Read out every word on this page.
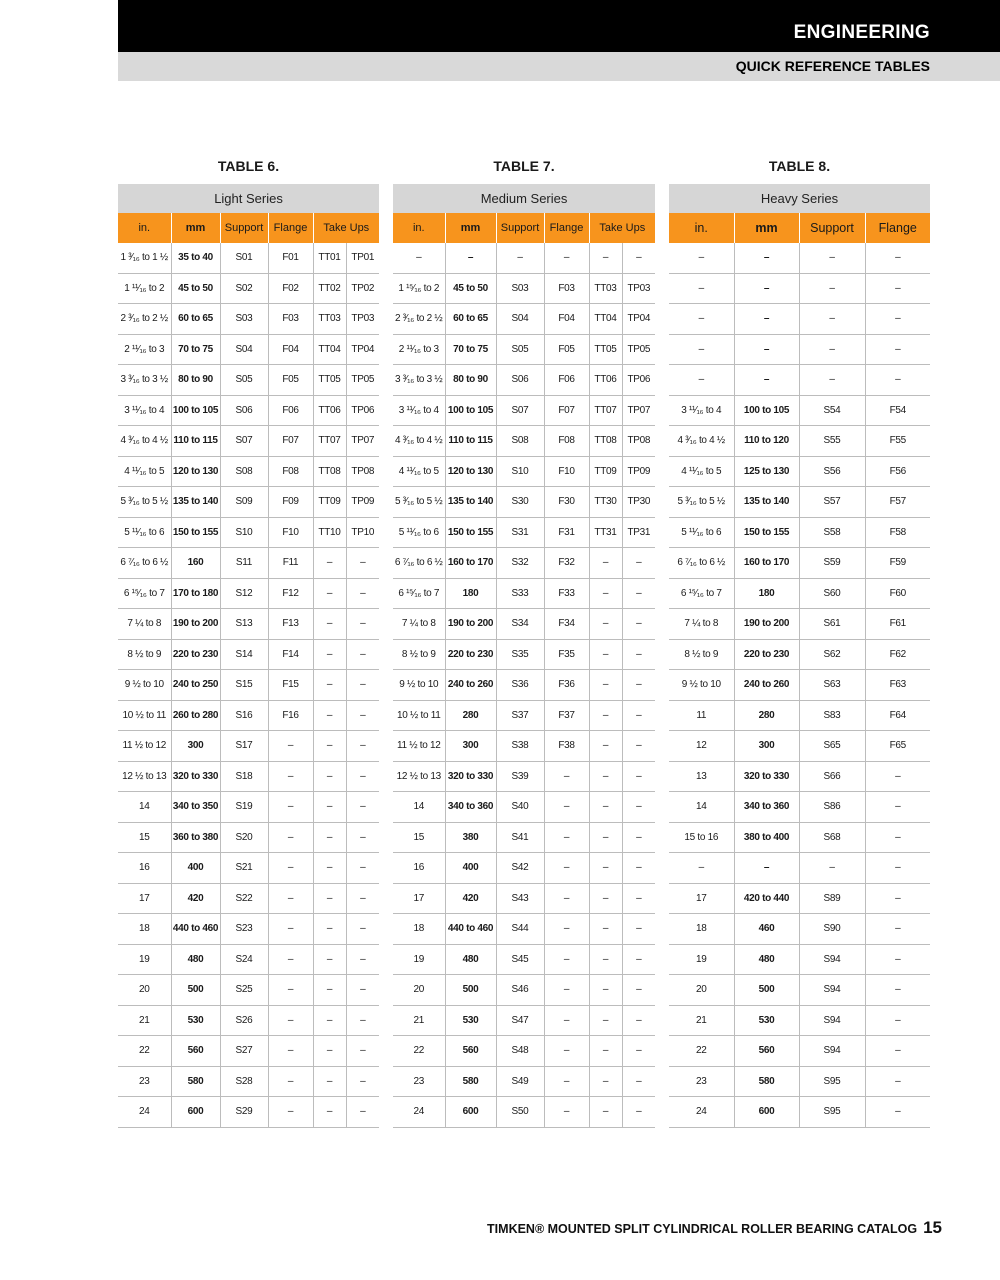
ENGINEERING
QUICK REFERENCE TABLES
TABLE 6.
Light Series					
in.	mm	Support	Flange	Take Ups	
1 ³⁄₁₆ to 1 ½	35 to 40	S01	F01	TT01	TP01
1 ¹¹⁄₁₆ to 2	45 to 50	S02	F02	TT02	TP02
2 ³⁄₁₆ to 2 ½	60 to 65	S03	F03	TT03	TP03
2 ¹¹⁄₁₆ to 3	70 to 75	S04	F04	TT04	TP04
3 ³⁄₁₆ to 3 ½	80 to 90	S05	F05	TT05	TP05
3 ¹¹⁄₁₆ to 4	100 to 105	S06	F06	TT06	TP06
4 ³⁄₁₆ to 4 ½	110 to 115	S07	F07	TT07	TP07
4 ¹¹⁄₁₆ to 5	120 to 130	S08	F08	TT08	TP08
5 ³⁄₁₆ to 5 ½	135 to 140	S09	F09	TT09	TP09
5 ¹¹⁄₁₆ to 6	150 to 155	S10	F10	TT10	TP10
6 ⁷⁄₁₆ to 6 ½	160	S11	F11	–	–
6 ¹⁵⁄₁₆ to 7	170 to 180	S12	F12	–	–
7 ¼ to 8	190 to 200	S13	F13	–	–
8 ½ to 9	220 to 230	S14	F14	–	–
9 ½ to 10	240 to 250	S15	F15	–	–
10 ½ to 11	260 to 280	S16	F16	–	–
11 ½ to 12	300	S17	–	–	–
12 ½ to 13	320 to 330	S18	–	–	–
14	340 to 350	S19	–	–	–
15	360 to 380	S20	–	–	–
16	400	S21	–	–	–
17	420	S22	–	–	–
18	440 to 460	S23	–	–	–
19	480	S24	–	–	–
20	500	S25	–	–	–
21	530	S26	–	–	–
22	560	S27	–	–	–
23	580	S28	–	–	–
24	600	S29	–	–	–
TABLE 7.
Medium Series					
in.	mm	Support	Flange	Take Ups	
–	–	–	–	–	–
1 ¹⁵⁄₁₆ to 2	45 to 50	S03	F03	TT03	TP03
2 ³⁄₁₆ to 2 ½	60 to 65	S04	F04	TT04	TP04
2 ¹¹⁄₁₆ to 3	70 to 75	S05	F05	TT05	TP05
3 ³⁄₁₆ to 3 ½	80 to 90	S06	F06	TT06	TP06
3 ¹¹⁄₁₆ to 4	100 to 105	S07	F07	TT07	TP07
4 ³⁄₁₆ to 4 ½	110 to 115	S08	F08	TT08	TP08
4 ¹¹⁄₁₆ to 5	120 to 130	S10	F10	TT09	TP09
5 ³⁄₁₆ to 5 ½	135 to 140	S30	F30	TT30	TP30
5 ¹¹⁄₁₆ to 6	150 to 155	S31	F31	TT31	TP31
6 ⁷⁄₁₆ to 6 ½	160 to 170	S32	F32	–	–
6 ¹⁵⁄₁₆ to 7	180	S33	F33	–	–
7 ¼ to 8	190 to 200	S34	F34	–	–
8 ½ to 9	220 to 230	S35	F35	–	–
9 ½ to 10	240 to 260	S36	F36	–	–
10 ½ to 11	280	S37	F37	–	–
11 ½ to 12	300	S38	F38	–	–
12 ½ to 13	320 to 330	S39	–	–	–
14	340 to 360	S40	–	–	–
15	380	S41	–	–	–
16	400	S42	–	–	–
17	420	S43	–	–	–
18	440 to 460	S44	–	–	–
19	480	S45	–	–	–
20	500	S46	–	–	–
21	530	S47	–	–	–
22	560	S48	–	–	–
23	580	S49	–	–	–
24	600	S50	–	–	–
TABLE 8.
Heavy Series			
in.	mm	Support	Flange
–	–	–	–
–	–	–	–
–	–	–	–
–	–	–	–
–	–	–	–
3 ¹¹⁄₁₆ to 4	100 to 105	S54	F54
4 ³⁄₁₆ to 4 ½	110 to 120	S55	F55
4 ¹¹⁄₁₆ to 5	125 to 130	S56	F56
5 ³⁄₁₆ to 5 ½	135 to 140	S57	F57
5 ¹¹⁄₁₆ to 6	150 to 155	S58	F58
6 ⁷⁄₁₆ to 6 ½	160 to 170	S59	F59
6 ¹⁵⁄₁₆ to 7	180	S60	F60
7 ¼ to 8	190 to 200	S61	F61
8 ½ to 9	220 to 230	S62	F62
9 ½ to 10	240 to 260	S63	F63
11	280	S83	F64
12	300	S65	F65
13	320 to 330	S66	–
14	340 to 360	S86	–
15 to 16	380 to 400	S68	–
–	–	–	–
17	420 to 440	S89	–
18	460	S90	–
19	480	S94	–
20	500	S94	–
21	530	S94	–
22	560	S94	–
23	580	S95	–
24	600	S95	–
TIMKEN® MOUNTED SPLIT CYLINDRICAL ROLLER BEARING CATALOG 15
